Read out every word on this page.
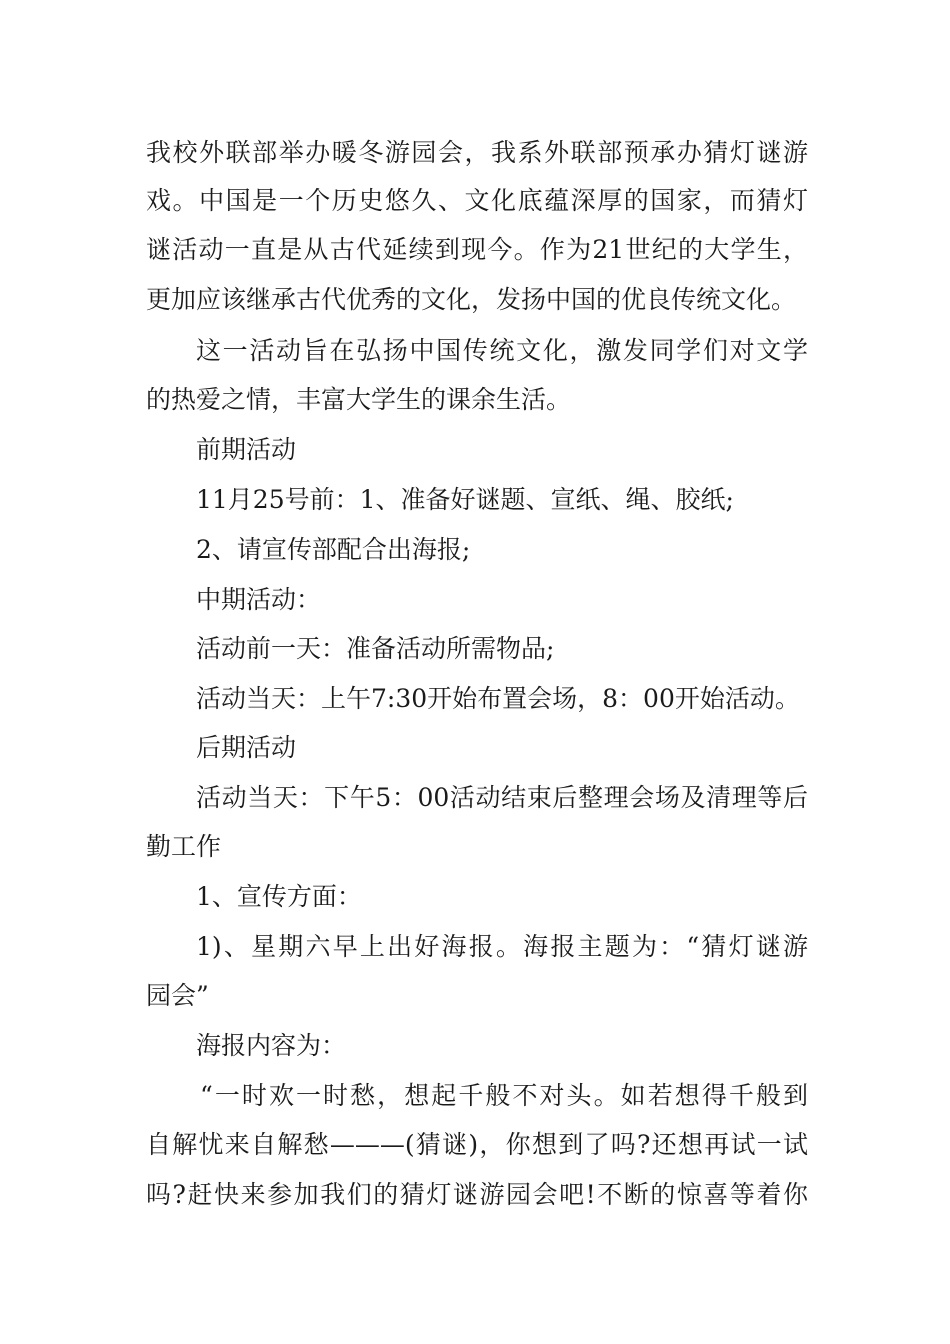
我校外联部举办暖冬游园会，我系外联部预承办猜灯谜游
戏。中国是一个历史悠久、文化底蕴深厚的国家，而猜灯
谜活动一直是从古代延续到现今。作为21世纪的大学生，
更加应该继承古代优秀的文化，发扬中国的优良传统文化。
这一活动旨在弘扬中国传统文化，激发同学们对文学
的热爱之情，丰富大学生的课余生活。
前期活动
11月25号前：1、准备好谜题、宣纸、绳、胶纸;
2、请宣传部配合出海报;
中期活动：
活动前一天：准备活动所需物品;
活动当天：上午7:30开始布置会场，8：00开始活动。
后期活动
活动当天：下午5：00活动结束后整理会场及清理等后
勤工作
1、宣传方面：
1)、星期六早上出好海报。海报主题为：“猜灯谜游
园会”
海报内容为：
“一时欢一时愁，想起千般不对头。如若想得千般到
自解忧来自解愁———(猜谜)，你想到了吗?还想再试一试
吗?赶快来参加我们的猜灯谜游园会吧!不断的惊喜等着你
